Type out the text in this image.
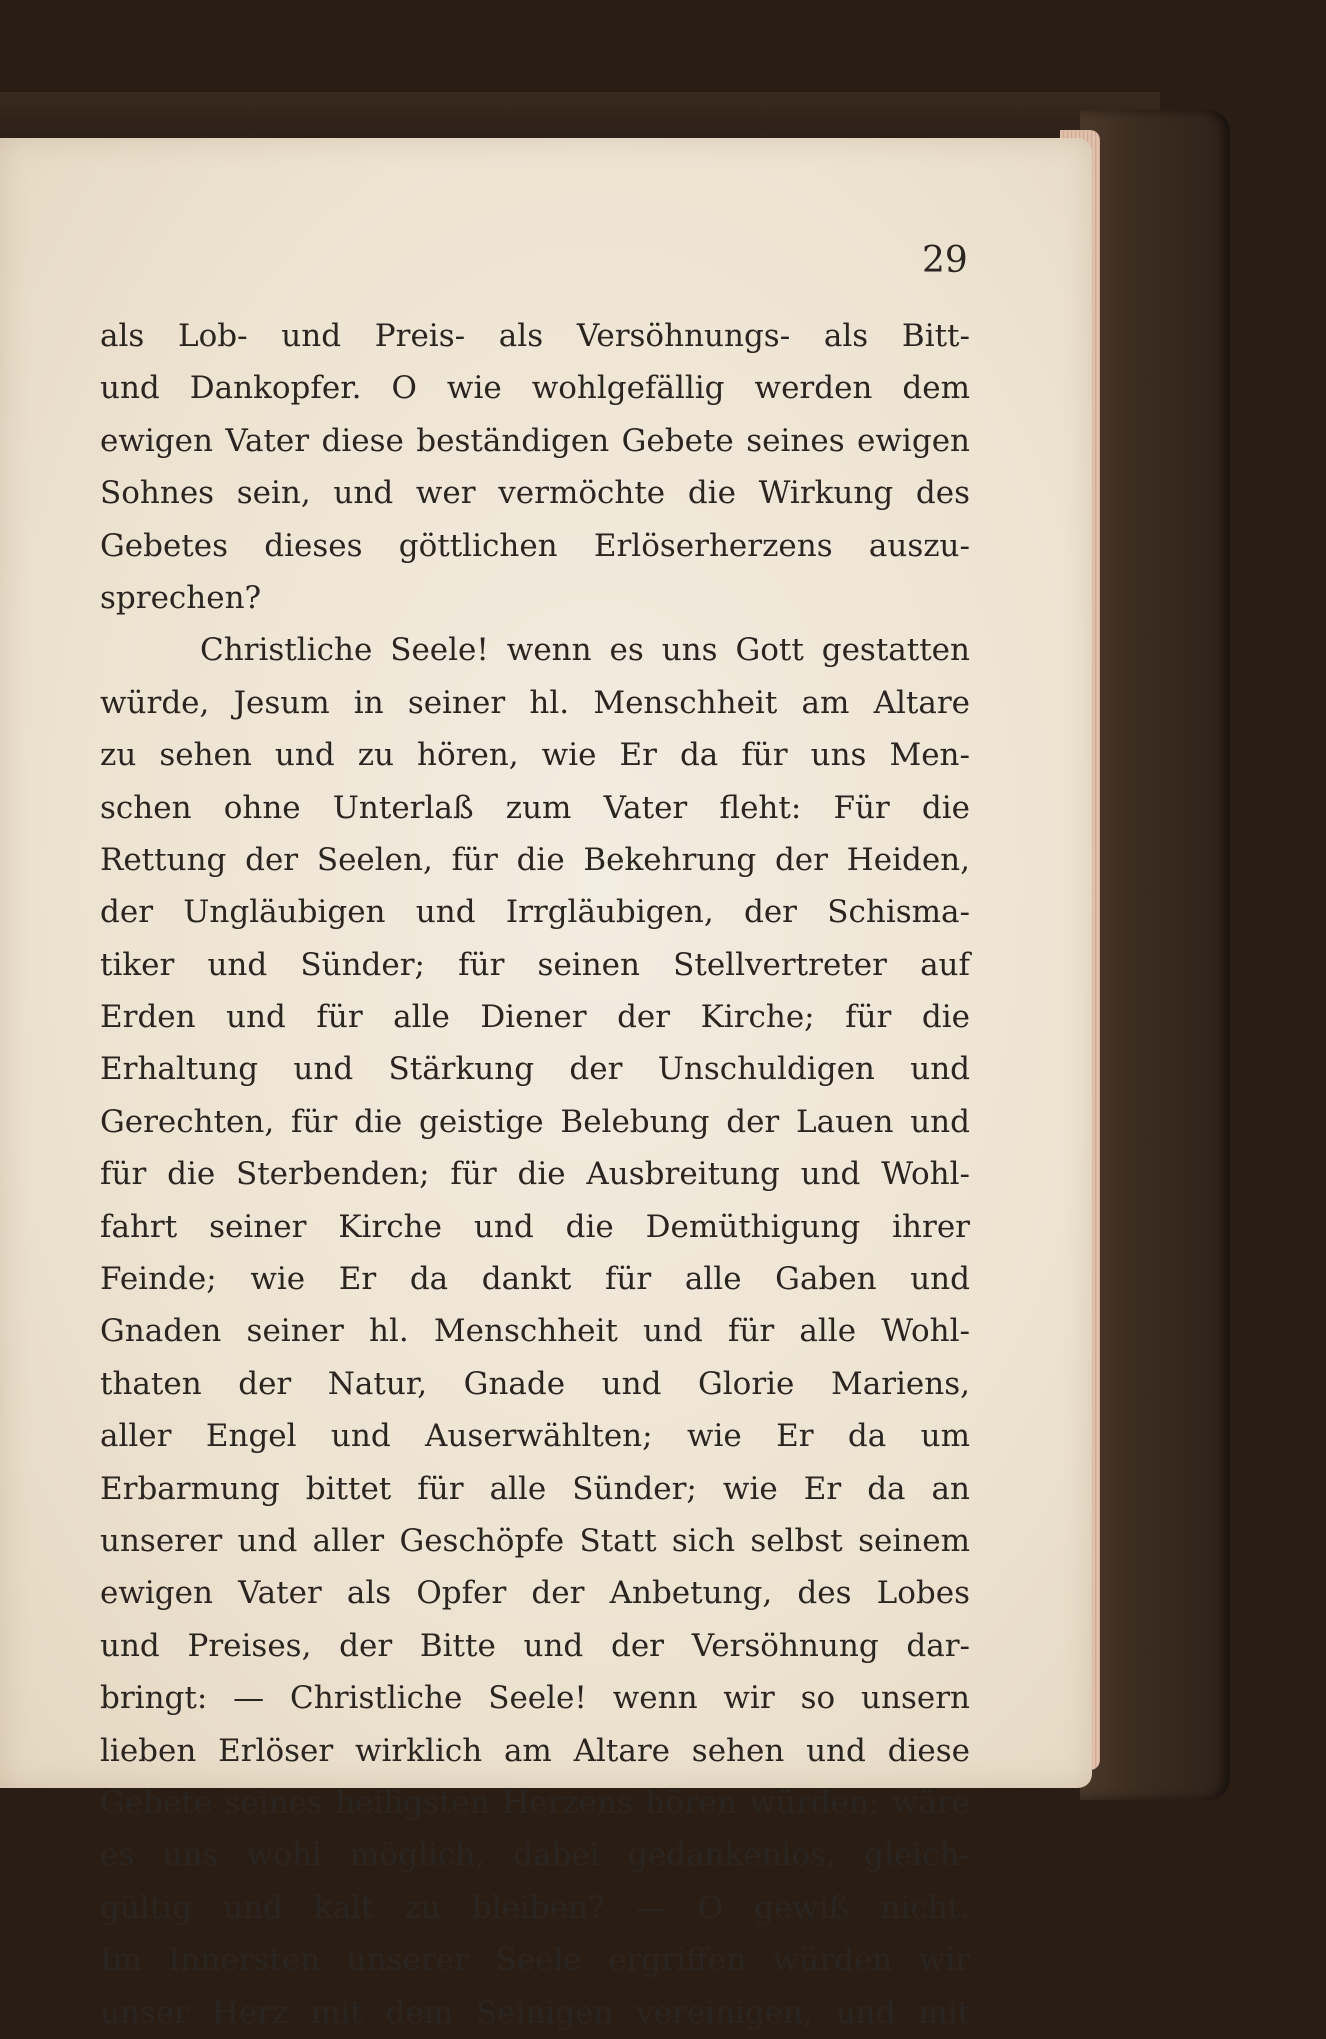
29
als Lob- und Preis- als Versöhnungs- als Bitt-
und Dankopfer. O wie wohlgefällig werden dem
ewigen Vater diese beständigen Gebete seines ewigen
Sohnes sein, und wer vermöchte die Wirkung des
Gebetes dieses göttlichen Erlöserherzens auszu-
sprechen?
Christliche Seele! wenn es uns Gott gestatten
würde, Jesum in seiner hl. Menschheit am Altare
zu sehen und zu hören, wie Er da für uns Men-
schen ohne Unterlaß zum Vater fleht: Für die
Rettung der Seelen, für die Bekehrung der Heiden,
der Ungläubigen und Irrgläubigen, der Schisma-
tiker und Sünder; für seinen Stellvertreter auf
Erden und für alle Diener der Kirche; für die
Erhaltung und Stärkung der Unschuldigen und
Gerechten, für die geistige Belebung der Lauen und
für die Sterbenden; für die Ausbreitung und Wohl-
fahrt seiner Kirche und die Demüthigung ihrer
Feinde; wie Er da dankt für alle Gaben und
Gnaden seiner hl. Menschheit und für alle Wohl-
thaten der Natur, Gnade und Glorie Mariens,
aller Engel und Auserwählten; wie Er da um
Erbarmung bittet für alle Sünder; wie Er da an
unserer und aller Geschöpfe Statt sich selbst seinem
ewigen Vater als Opfer der Anbetung, des Lobes
und Preises, der Bitte und der Versöhnung dar-
bringt: — Christliche Seele! wenn wir so unsern
lieben Erlöser wirklich am Altare sehen und diese
Gebete seines heiligsten Herzens hören würden: wäre
es uns wohl möglich, dabei gedankenlos, gleich-
gültig und kalt zu bleiben? — O gewiß nicht.
Im Innersten unserer Seele ergriffen würden wir
unser Herz mit dem Seinigen vereinigen, und mit
